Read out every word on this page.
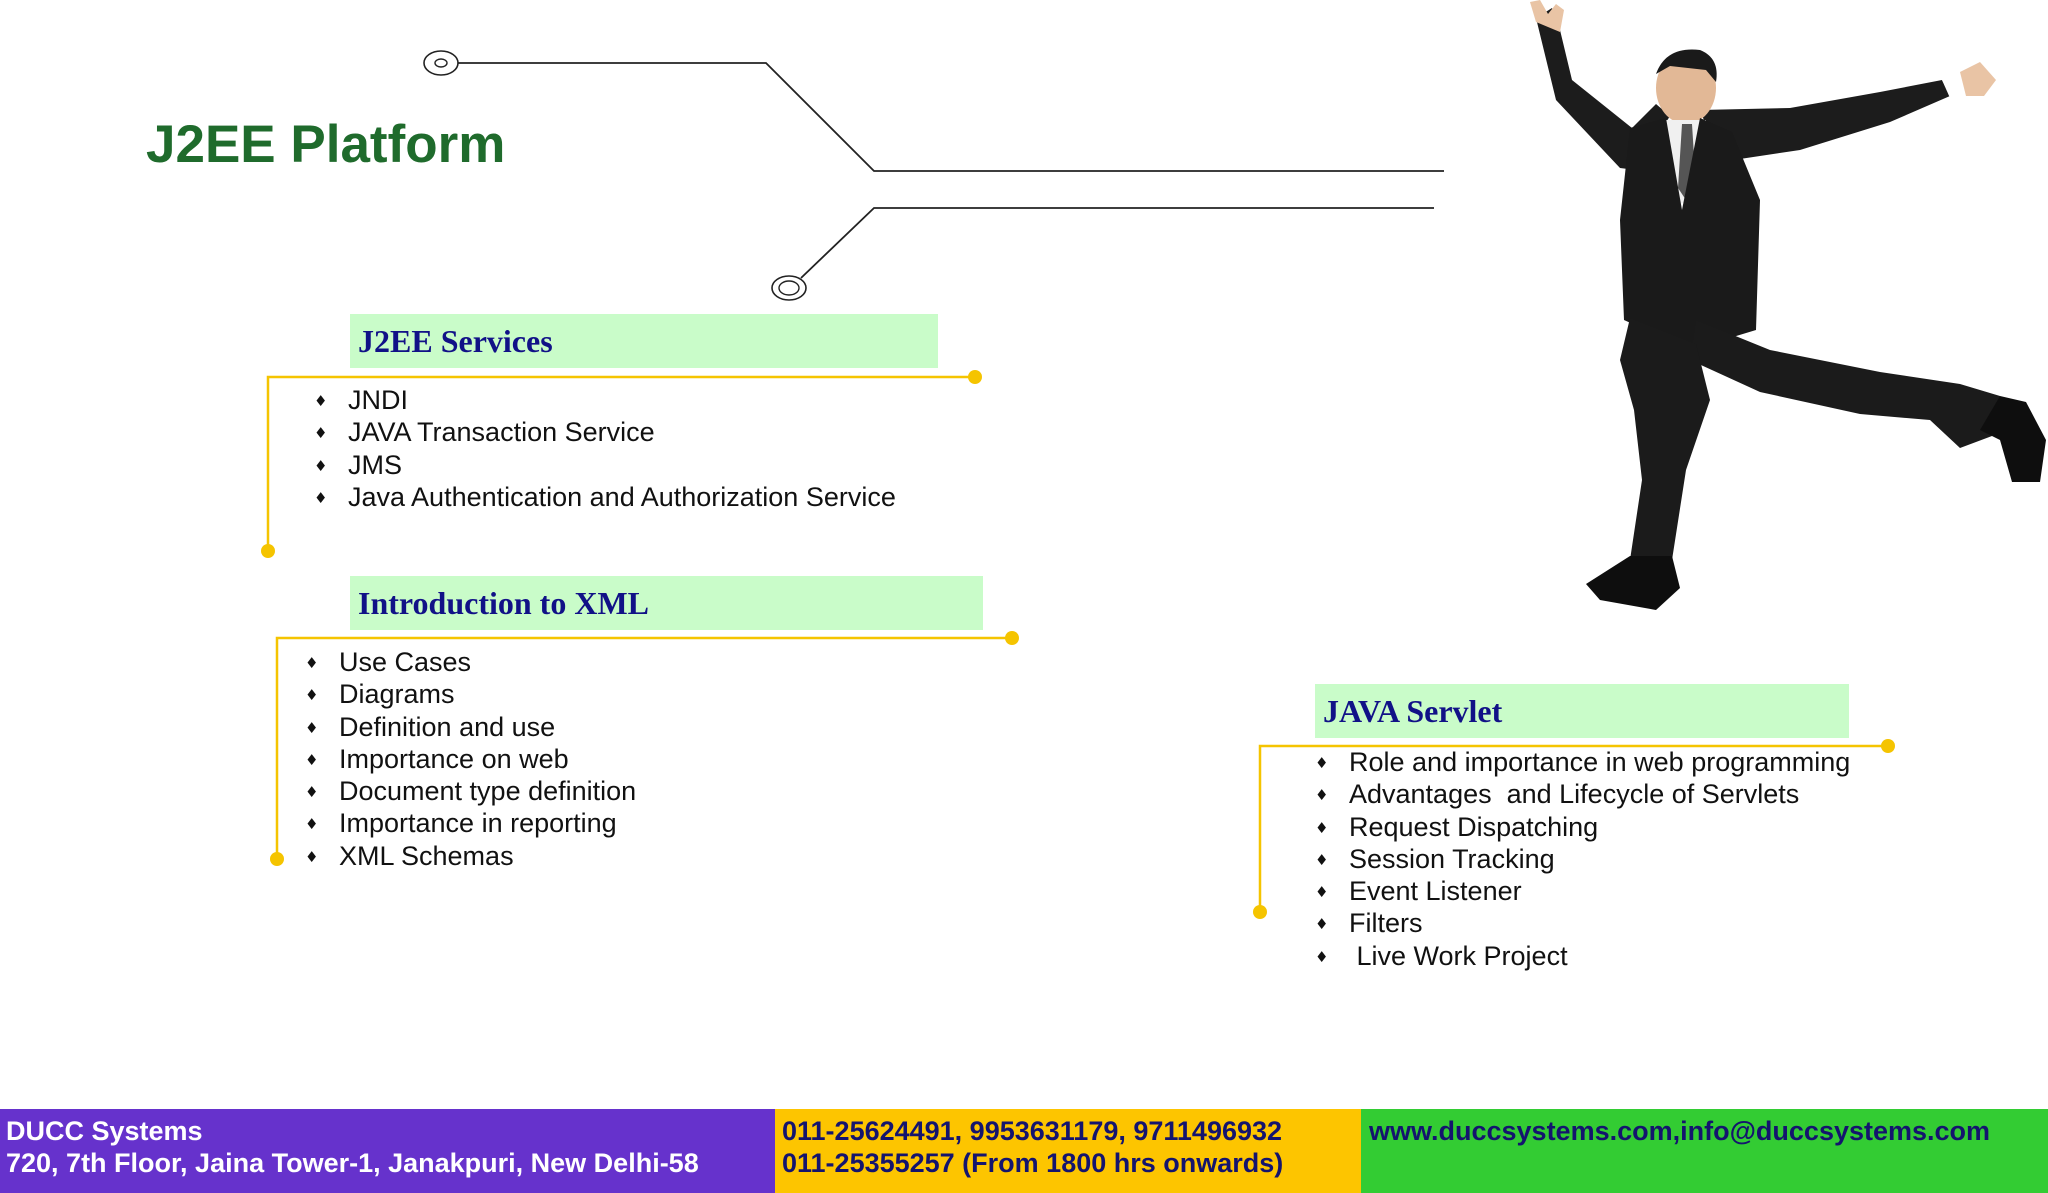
J2EE Platform
J2EE Services
♦ JNDI
♦ JAVA Transaction Service
♦ JMS
♦ Java Authentication and Authorization Service
Introduction to XML
♦ Use Cases
♦ Diagrams
♦ Definition and use
♦ Importance on web
♦ Document type definition
♦ Importance in reporting
♦ XML Schemas
JAVA Servlet
♦ Role and importance in web programming
♦ Advantages  and Lifecycle of Servlets
♦ Request Dispatching
♦ Session Tracking
♦ Event Listener
♦ Filters
♦ Live Work Project
DUCC Systems
720, 7th Floor, Jaina Tower-1, Janakpuri, New Delhi-58
011-25624491, 9953631179, 9711496932
011-25355257 (From 1800 hrs onwards)
www.duccsystems.com,info@duccsystems.com
